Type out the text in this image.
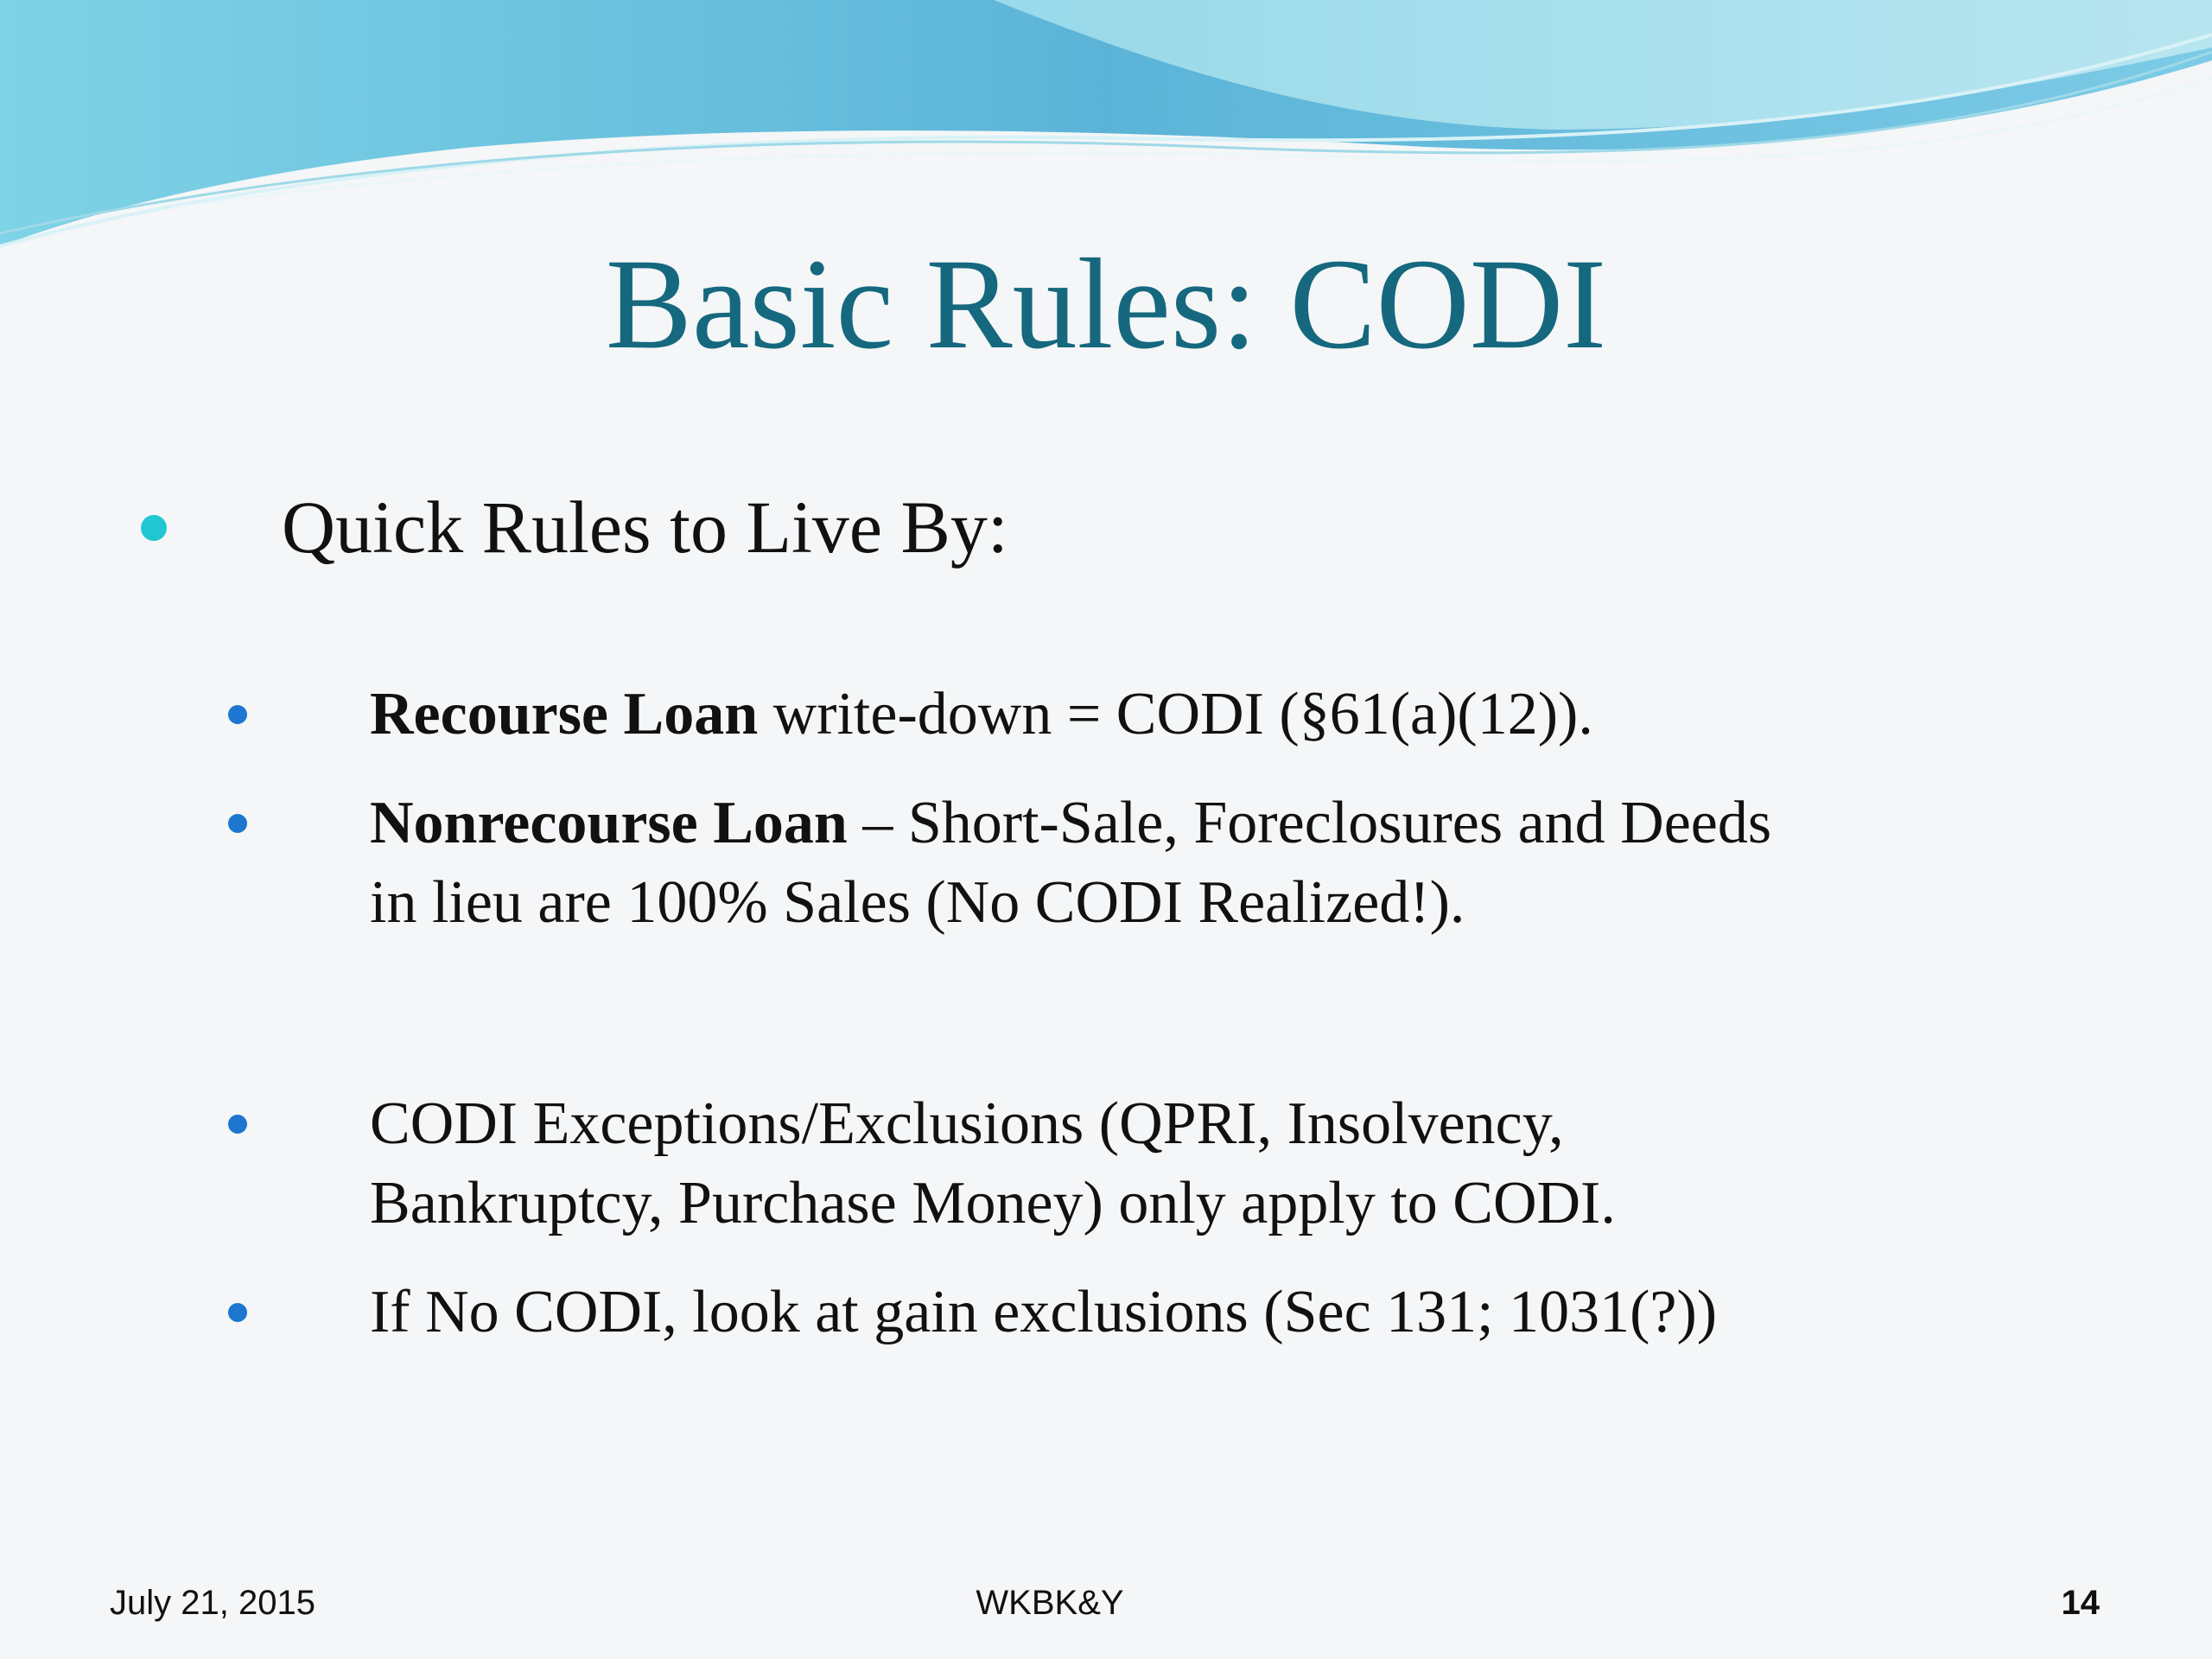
Basic Rules: CODI
Quick Rules to Live By:
Recourse Loan write-down = CODI (§61(a)(12)).
Nonrecourse Loan – Short-Sale, Foreclosures and Deeds
in lieu are 100% Sales (No CODI Realized!).
CODI Exceptions/Exclusions (QPRI, Insolvency,
Bankruptcy, Purchase Money) only apply to CODI.
If No CODI, look at gain exclusions (Sec 131; 1031(?))
July 21, 2015	WKBK&Y	14
